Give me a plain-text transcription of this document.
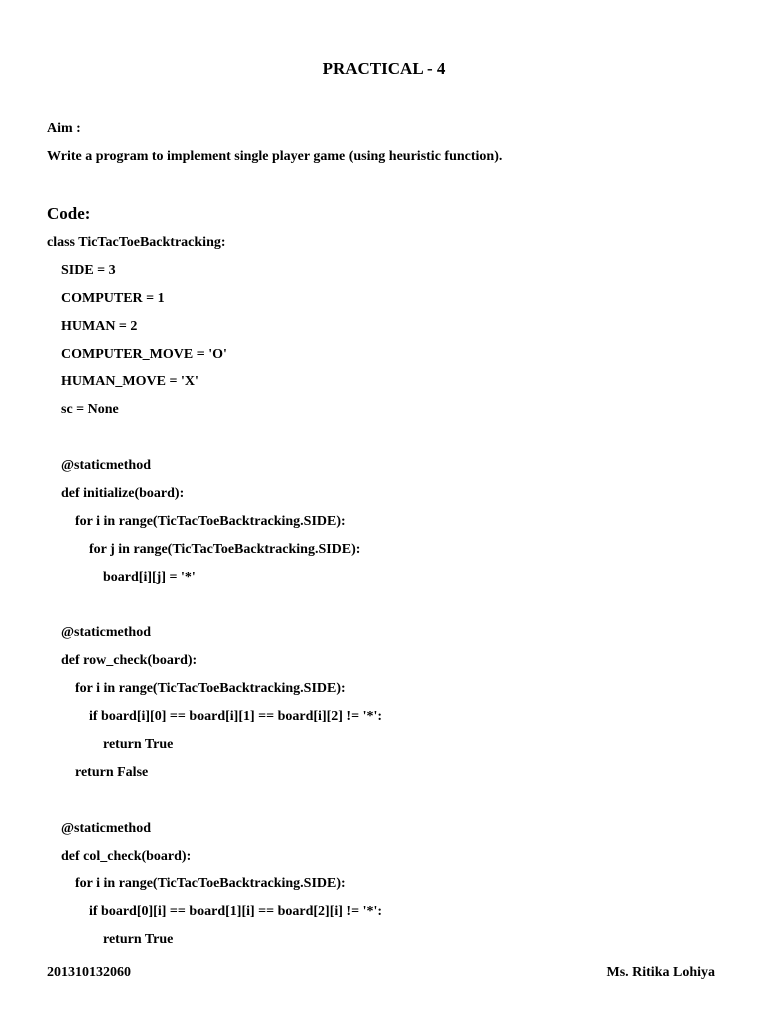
PRACTICAL - 4
Aim :
Write a program to implement single player game (using heuristic function).
Code:
class TicTacToeBacktracking:
SIDE = 3
COMPUTER = 1
HUMAN = 2
COMPUTER_MOVE = 'O'
HUMAN_MOVE = 'X'
sc = None
@staticmethod
def initialize(board):
for i in range(TicTacToeBacktracking.SIDE):
for j in range(TicTacToeBacktracking.SIDE):
board[i][j] = '*'
@staticmethod
def row_check(board):
for i in range(TicTacToeBacktracking.SIDE):
if board[i][0] == board[i][1] == board[i][2] != '*':
return True
return False
@staticmethod
def col_check(board):
for i in range(TicTacToeBacktracking.SIDE):
if board[0][i] == board[1][i] == board[2][i] != '*':
return True
201310132060	Ms. Ritika Lohiya
